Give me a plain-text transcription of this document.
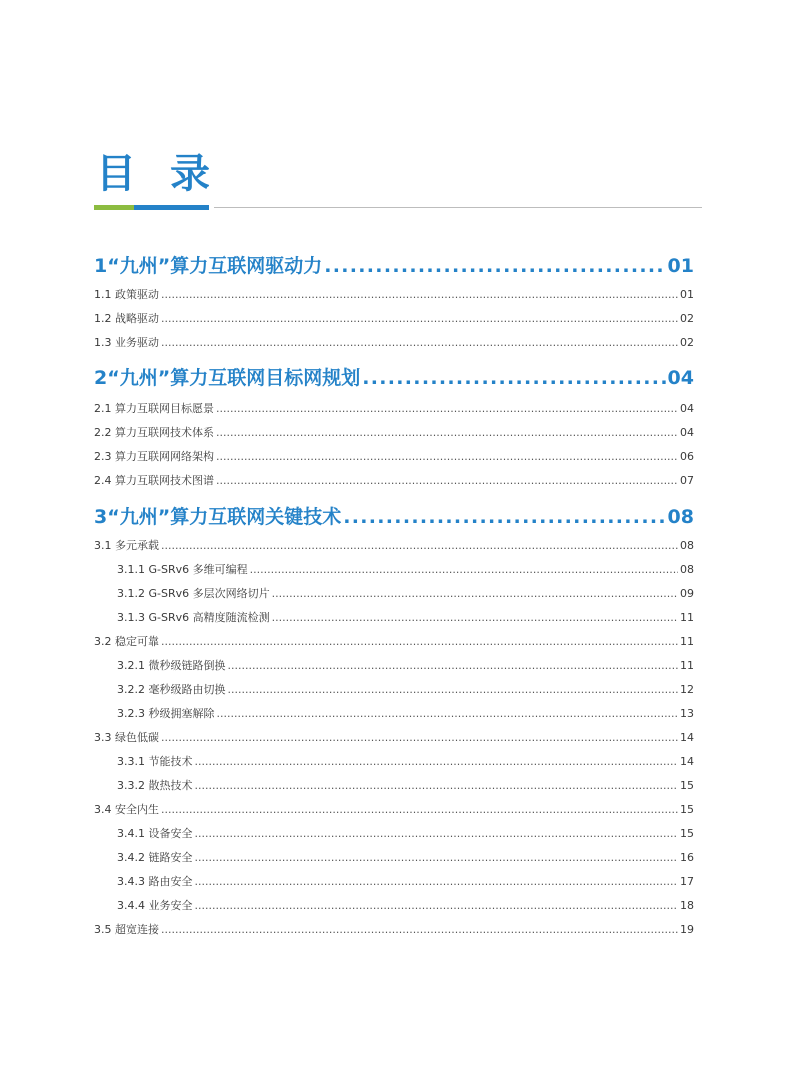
目录
1“九州”算力互联网驱动力 .....	01
1.1 政策驱动 .....	01
1.2 战略驱动 .....	02
1.3 业务驱动 .....	02
2“九州”算力互联网目标网规划 .....	04
2.1 算力互联网目标愿景 .....	04
2.2 算力互联网技术体系 .....	04
2.3 算力互联网网络架构 .....	06
2.4 算力互联网技术图谱 .....	07
3“九州”算力互联网关键技术 .....	08
3.1 多元承载 .....	08
3.1.1 G-SRv6 多维可编程 .....	08
3.1.2 G-SRv6 多层次网络切片 .....	09
3.1.3 G-SRv6 高精度随流检测 .....	11
3.2 稳定可靠 .....	11
3.2.1 微秒级链路倒换 .....	11
3.2.2 毫秒级路由切换 .....	12
3.2.3 秒级拥塞解除 .....	13
3.3 绿色低碳 .....	14
3.3.1 节能技术 .....	14
3.3.2 散热技术 .....	15
3.4 安全内生 .....	15
3.4.1 设备安全 .....	15
3.4.2 链路安全 .....	16
3.4.3 路由安全 .....	17
3.4.4 业务安全 .....	18
3.5 超宽连接 .....	19
